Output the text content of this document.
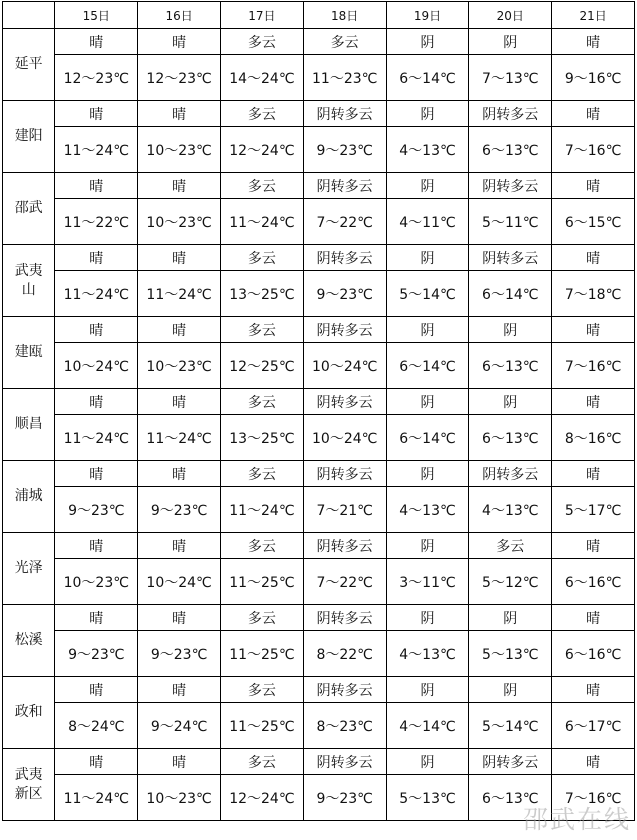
	15日	16日	17日	18日	19日	20日	21日
延平	晴	晴	多云	多云	阴	阴	晴
	12～23℃	12～23℃	14～24℃	11～23℃	6～14℃	7～13℃	9～16℃
建阳	晴	晴	多云	阴转多云	阴	阴转多云	晴
	11～24℃	10～23℃	12～24℃	9～23℃	4～13℃	6～13℃	7～16℃
邵武	晴	晴	多云	阴转多云	阴	阴转多云	晴
	11～22℃	10～23℃	11～24℃	7～22℃	4～11℃	5～11℃	6～15℃
武夷山	晴	晴	多云	阴转多云	阴	阴转多云	晴
	11～24℃	11～24℃	13～25℃	9～23℃	5～14℃	6～14℃	7～18℃
建瓯	晴	晴	多云	阴转多云	阴	阴	晴
	10～24℃	10～23℃	12～25℃	10～24℃	6～14℃	6～13℃	7～16℃
顺昌	晴	晴	多云	阴转多云	阴	阴	晴
	11～24℃	11～24℃	13～25℃	10～24℃	6～14℃	6～13℃	8～16℃
浦城	晴	晴	多云	阴转多云	阴	阴转多云	晴
	9～23℃	9～23℃	11～24℃	7～21℃	4～13℃	4～13℃	5～17℃
光泽	晴	晴	多云	阴转多云	阴	多云	晴
	10～23℃	10～24℃	11～25℃	7～22℃	3～11℃	5～12℃	6～16℃
松溪	晴	晴	多云	阴转多云	阴	阴	晴
	9～23℃	9～23℃	11～25℃	8～22℃	4～13℃	5～13℃	6～16℃
政和	晴	晴	多云	阴转多云	阴	阴	晴
	8～24℃	9～24℃	11～25℃	8～23℃	4～14℃	5～14℃	6～17℃
武夷新区	晴	晴	多云	阴转多云	阴	阴转多云	晴
	11～24℃	10～23℃	12～24℃	9～23℃	5～13℃	6～13℃	7～16℃
邵武在线
